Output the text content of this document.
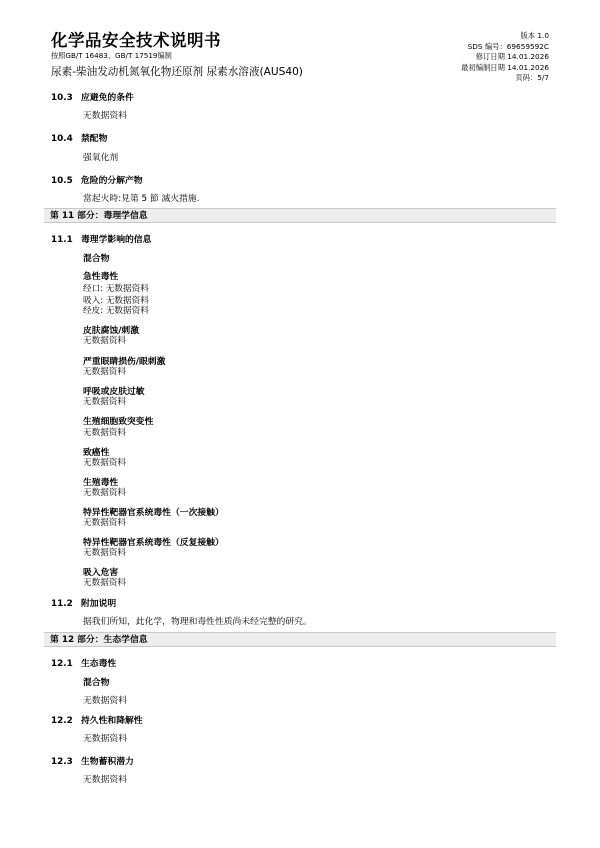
化学品安全技术说明书
按照GB/T 16483、GB/T 17519编制
尿素-柴油发动机氮氧化物还原剂 尿素水溶液(AUS40)
版本 1.0
SDS 编号：69659592C
修订日期 14.01.2026
最初编制日期 14.01.2026
页码：5/7
10.3 应避免的条件
无数据资料
10.4 禁配物
强氧化剂
10.5 危险的分解产物
當起火時:見第 5 節 滅火措施.
第 11 部分：毒理学信息
11.1 毒理学影响的信息
混合物
急性毒性
经口: 无数据资料
吸入: 无数据资料
经皮: 无数据资料
皮肤腐蚀/刺激
无数据资料
严重眼睛损伤/眼刺激
无数据资料
呼吸或皮肤过敏
无数据资料
生殖细胞致突变性
无数据资料
致癌性
无数据资料
生殖毒性
无数据资料
特异性靶器官系统毒性（一次接触）
无数据资料
特异性靶器官系统毒性（反复接触）
无数据资料
吸入危害
无数据资料
11.2 附加说明
据我们所知，此化学，物理和毒性性质尚未经完整的研究。
第 12 部分：生态学信息
12.1 生态毒性
混合物
无数据资料
12.2 持久性和降解性
无数据资料
12.3 生物蓄积潜力
无数据资料
